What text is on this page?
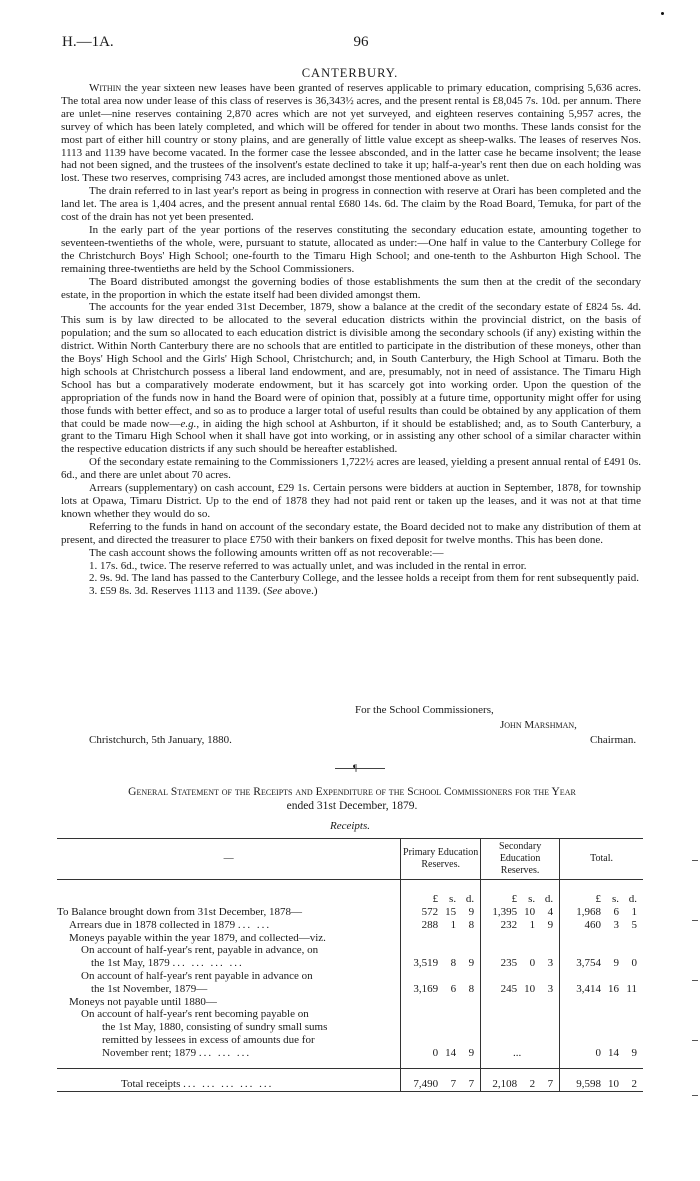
H.—1A.	96
CANTERBURY.

Within the year sixteen new leases have been granted of reserves applicable to primary education, comprising 5,636 acres. The total area now under lease of this class of reserves is 36,343½ acres, and the present rental is £8,045 7s. 10d. per annum. There are unlet—nine reserves containing 2,870 acres which are not yet surveyed, and eighteen reserves containing 5,957 acres, the survey of which has been lately completed, and which will be offered for tender in about two months. These lands consist for the most part of either hill country or stony plains, and are generally of little value except as sheep-walks. The leases of reserves Nos. 1113 and 1139 have become vacated. In the former case the lessee absconded, and in the latter case he became insolvent; the lease had not been signed, and the trustees of the insolvent's estate declined to take it up; half-a-year's rent then due on each holding was lost. These two reserves, comprising 743 acres, are included amongst those mentioned above as unlet.

The drain referred to in last year's report as being in progress in connection with reserve at Orari has been completed and the land let. The area is 1,404 acres, and the present annual rental £680 14s. 6d. The claim by the Road Board, Temuka, for part of the cost of the drain has not yet been presented.

In the early part of the year portions of the reserves constituting the secondary education estate, amounting together to seventeen-twentieths of the whole, were, pursuant to statute, allocated as under:—One half in value to the Canterbury College for the Christchurch Boys' High School; one-fourth to the Timaru High School; and one-tenth to the Ashburton High School. The remaining three-twentieths are held by the School Commissioners.

The Board distributed amongst the governing bodies of those establishments the sum then at the credit of the secondary estate, in the proportion in which the estate itself had been divided amongst them.

The accounts for the year ended 31st December, 1879, show a balance at the credit of the secondary estate of £824 5s. 4d. This sum is by law directed to be allocated to the several education districts within the provincial district, on the basis of population; and the sum so allocated to each education district is divisible among the secondary schools (if any) existing within the district. Within North Canterbury there are no schools that are entitled to participate in the distribution of these moneys, other than the Boys' High School and the Girls' High School, Christchurch; and, in South Canterbury, the High School at Timaru. Both the high schools at Christchurch possess a liberal land endowment, and are, presumably, not in need of assistance. The Timaru High School has but a comparatively moderate endowment, but it has scarcely got into working order. Upon the question of the appropriation of the funds now in hand the Board were of opinion that, possibly at a future time, opportunity might offer for using those funds with better effect, and so as to produce a larger total of useful results than could be obtained by any application of them that could be made now—e.g., in aiding the high school at Ashburton, if it should be established; and, as to South Canterbury, a grant to the Timaru High School when it shall have got into working, or in assisting any other school of a similar character within the respective education districts if any such should be hereafter established.

Of the secondary estate remaining to the Commissioners 1,722½ acres are leased, yielding a present annual rental of £491 0s. 6d., and there are unlet about 70 acres.

Arrears (supplementary) on cash account, £29 1s. Certain persons were bidders at auction in September, 1878, for township lots at Opawa, Timaru District. Up to the end of 1878 they had not paid rent or taken up the leases, and it was not at that time known whether they would do so.

Referring to the funds in hand on account of the secondary estate, the Board decided not to make any distribution of them at present, and directed the treasurer to place £750 with their bankers on fixed deposit for twelve months. This has been done.

The cash account shows the following amounts written off as not recoverable:—

1. 17s. 6d., twice. The reserve referred to was actually unlet, and was included in the rental in error.

2. 9s. 9d. The land has passed to the Canterbury College, and the lessee holds a receipt from them for rent subsequently paid.

3. £59 8s. 3d. Reserves 1113 and 1139. (See above.)

For the School Commissioners,
John Marshman,
Christchurch, 5th January, 1880.	Chairman.
¶
General Statement of the Receipts and Expenditure of the School Commissioners for the Year
ended 31st December, 1879.
Receipts.
—	Primary Education Reserves.	Secondary Education Reserves.	Total.
	£ s. d.	£ s. d.	£ s. d.
To Balance brought down from 31st December, 1878—	572 15 9	1,395 10 4	1,968 6 1
Arrears due in 1878 collected in 1879 ... ...	288 1 8	232 1 9	460 3 5
Moneys payable within the year 1879, and collected—viz.			
On account of half-year's rent, payable in advance, on			
the 1st May, 1879 ... ... ... ...	3,519 8 9	235 0 3	3,754 9 0
On account of half-year's rent payable in advance on			
the 1st November, 1879—	3,169 6 8	245 10 3	3,414 16 11
Moneys not payable until 1880—			
On account of half-year's rent becoming payable on			
the 1st May, 1880, consisting of sundry small sums			
remitted by lessees in excess of amounts due for			
November rent; 1879 ... ... ...	0 14 9	...	0 14 9

Total receipts ... ... ... ... ...	7,490 7 7	2,108 2 7	9,598 10 2
